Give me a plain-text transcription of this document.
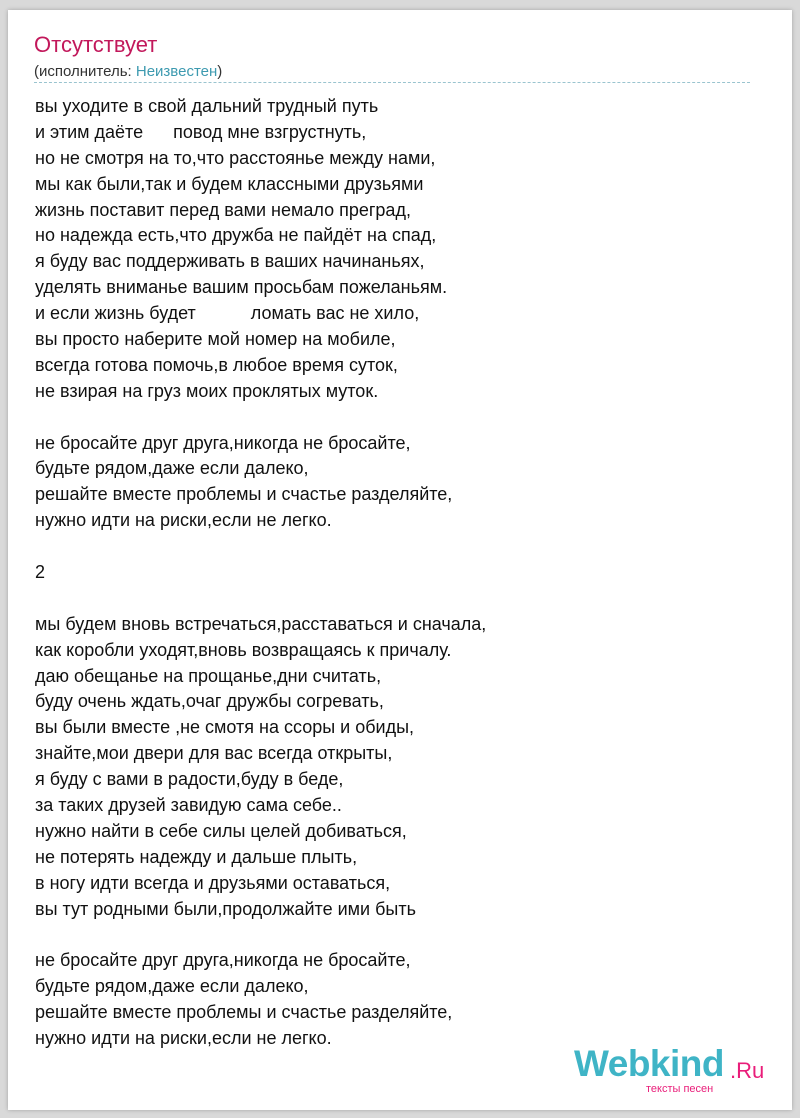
Отсутствует
(исполнитель: Неизвестен)
вы уходите в свой дальний трудный путь
и этим даёте      повод мне взгрустнуть,
но не смотря на то,что расстоянье между нами,
мы как были,так и будем классными друзьями
жизнь поставит перед вами немало преград,
но надежда есть,что дружба не пайдёт на спад,
я буду вас поддерживать в ваших начинаньях,
уделять вниманье вашим просьбам пожеланьям.
и если жизнь будет           ломать вас не хило,
вы просто наберите мой номер на мобиле,
всегда готова помочь,в любое время суток,
не взирая на груз моих проклятых муток.
не бросайте друг друга,никогда не бросайте,
будьте рядом,даже если далеко,
решайте вместе проблемы и счастье разделяйте,
нужно идти на риски,если не легко.
2
мы будем вновь встречаться,расставаться и сначала,
как коробли уходят,вновь возвращаясь к причалу.
даю обещанье на прощанье,дни считать,
буду очень ждать,очаг дружбы согревать,
вы были вместе ,не смотя на ссоры и обиды,
знайте,мои двери для вас всегда открыты,
я буду с вами в радости,буду в беде,
за таких друзей завидую сама себе..
нужно найти в себе силы целей добиваться,
не потерять надежду и дальше плыть,
в ногу идти всегда и друзьями оставаться,
вы тут родными были,продолжайте ими быть
не бросайте друг друга,никогда не бросайте,
будьте рядом,даже если далеко,
решайте вместе проблемы и счастье разделяйте,
нужно идти на риски,если не легко.
Webkind .Ru
тексты песен
